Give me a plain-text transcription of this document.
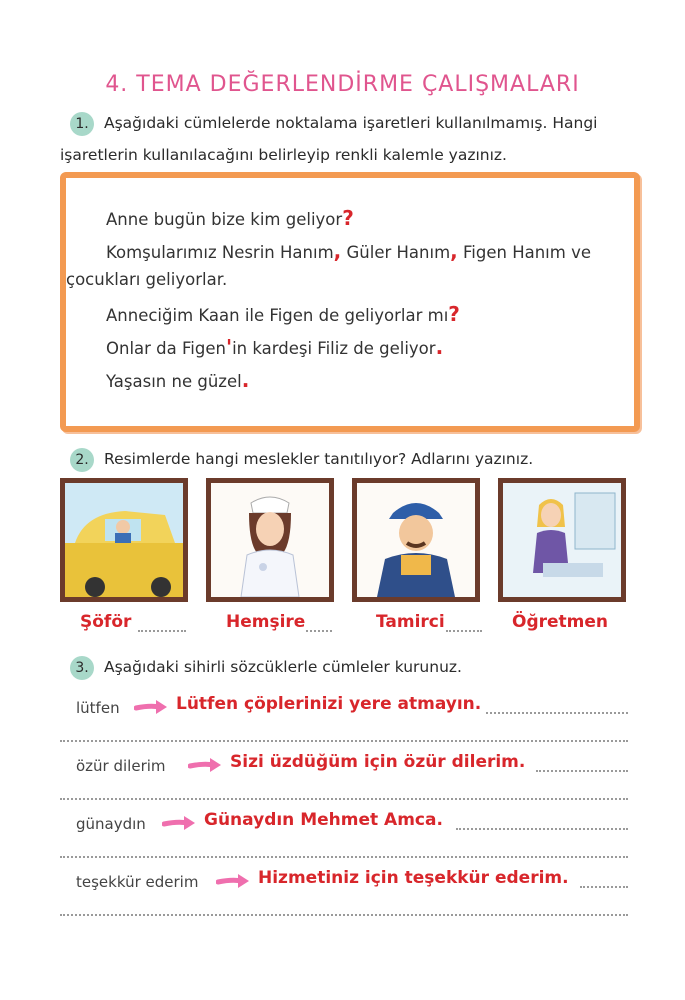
4. TEMA DEĞERLENDİRME ÇALIŞMALARI
1. Aşağıdaki cümlelerde noktalama işaretleri kullanılmamış. Hangi
işaretlerin kullanılacağını belirleyip renkli kalemle yazınız.
Anne bugün bize kim geliyor?
Komşularımız Nesrin Hanım, Güler Hanım, Figen Hanım ve
çocukları geliyorlar.
Anneciğim Kaan ile Figen de geliyorlar mı?
Onlar da Figen'in kardeşi Filiz de geliyor.
Yaşasın ne güzel.
2. Resimlerde hangi meslekler tanıtılıyor? Adlarını yazınız.
Şöför	Hemşire	Tamirci	Öğretmen
3. Aşağıdaki sihirli sözcüklerle cümleler kurunuz.
lütfen	Lütfen çöplerinizi yere atmayın.
özür dilerim	Sizi üzdüğüm için özür dilerim.
günaydın	Günaydın Mehmet Amca.
teşekkür ederim	Hizmetiniz için teşekkür ederim.
